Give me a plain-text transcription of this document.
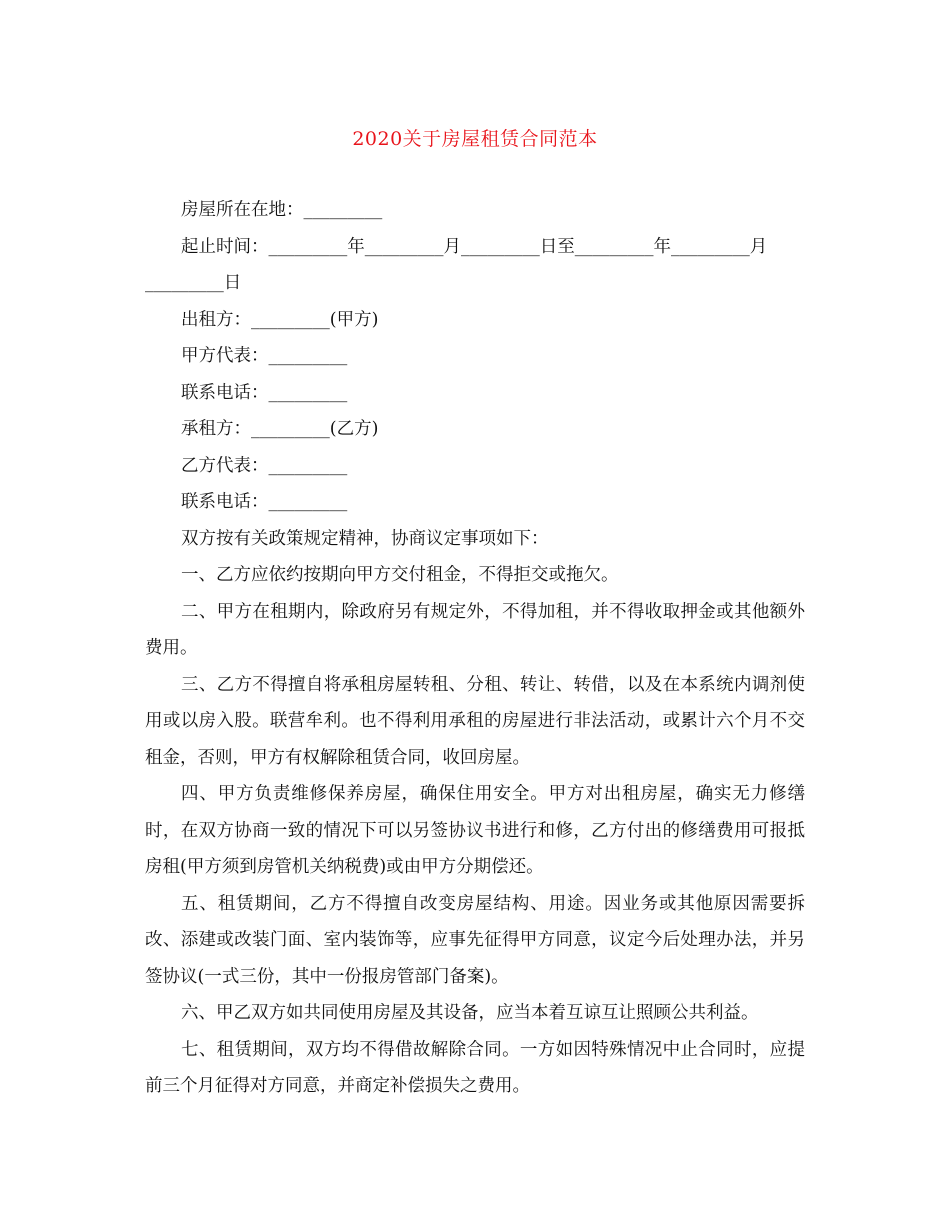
2020关于房屋租赁合同范本

房屋所在在地：_________

起止时间：_________年_________月_________日至_________年_________月

_________日

出租方：_________(甲方)

甲方代表：_________

联系电话：_________

承租方：_________(乙方)

乙方代表：_________

联系电话：_________

双方按有关政策规定精神，协商议定事项如下：

一、乙方应依约按期向甲方交付租金，不得拒交或拖欠。

二、甲方在租期内，除政府另有规定外，不得加租，并不得收取押金或其他额外费用。

三、乙方不得擅自将承租房屋转租、分租、转让、转借，以及在本系统内调剂使用或以房入股。联营牟利。也不得利用承租的房屋进行非法活动，或累计六个月不交租金，否则，甲方有权解除租赁合同，收回房屋。

四、甲方负责维修保养房屋，确保住用安全。甲方对出租房屋，确实无力修缮时，在双方协商一致的情况下可以另签协议书进行和修，乙方付出的修缮费用可报抵房租(甲方须到房管机关纳税费)或由甲方分期偿还。

五、租赁期间，乙方不得擅自改变房屋结构、用途。因业务或其他原因需要拆改、添建或改装门面、室内装饰等，应事先征得甲方同意，议定今后处理办法，并另签协议(一式三份，其中一份报房管部门备案)。

六、甲乙双方如共同使用房屋及其设备，应当本着互谅互让照顾公共利益。

七、租赁期间，双方均不得借故解除合同。一方如因特殊情况中止合同时，应提前三个月征得对方同意，并商定补偿损失之费用。
